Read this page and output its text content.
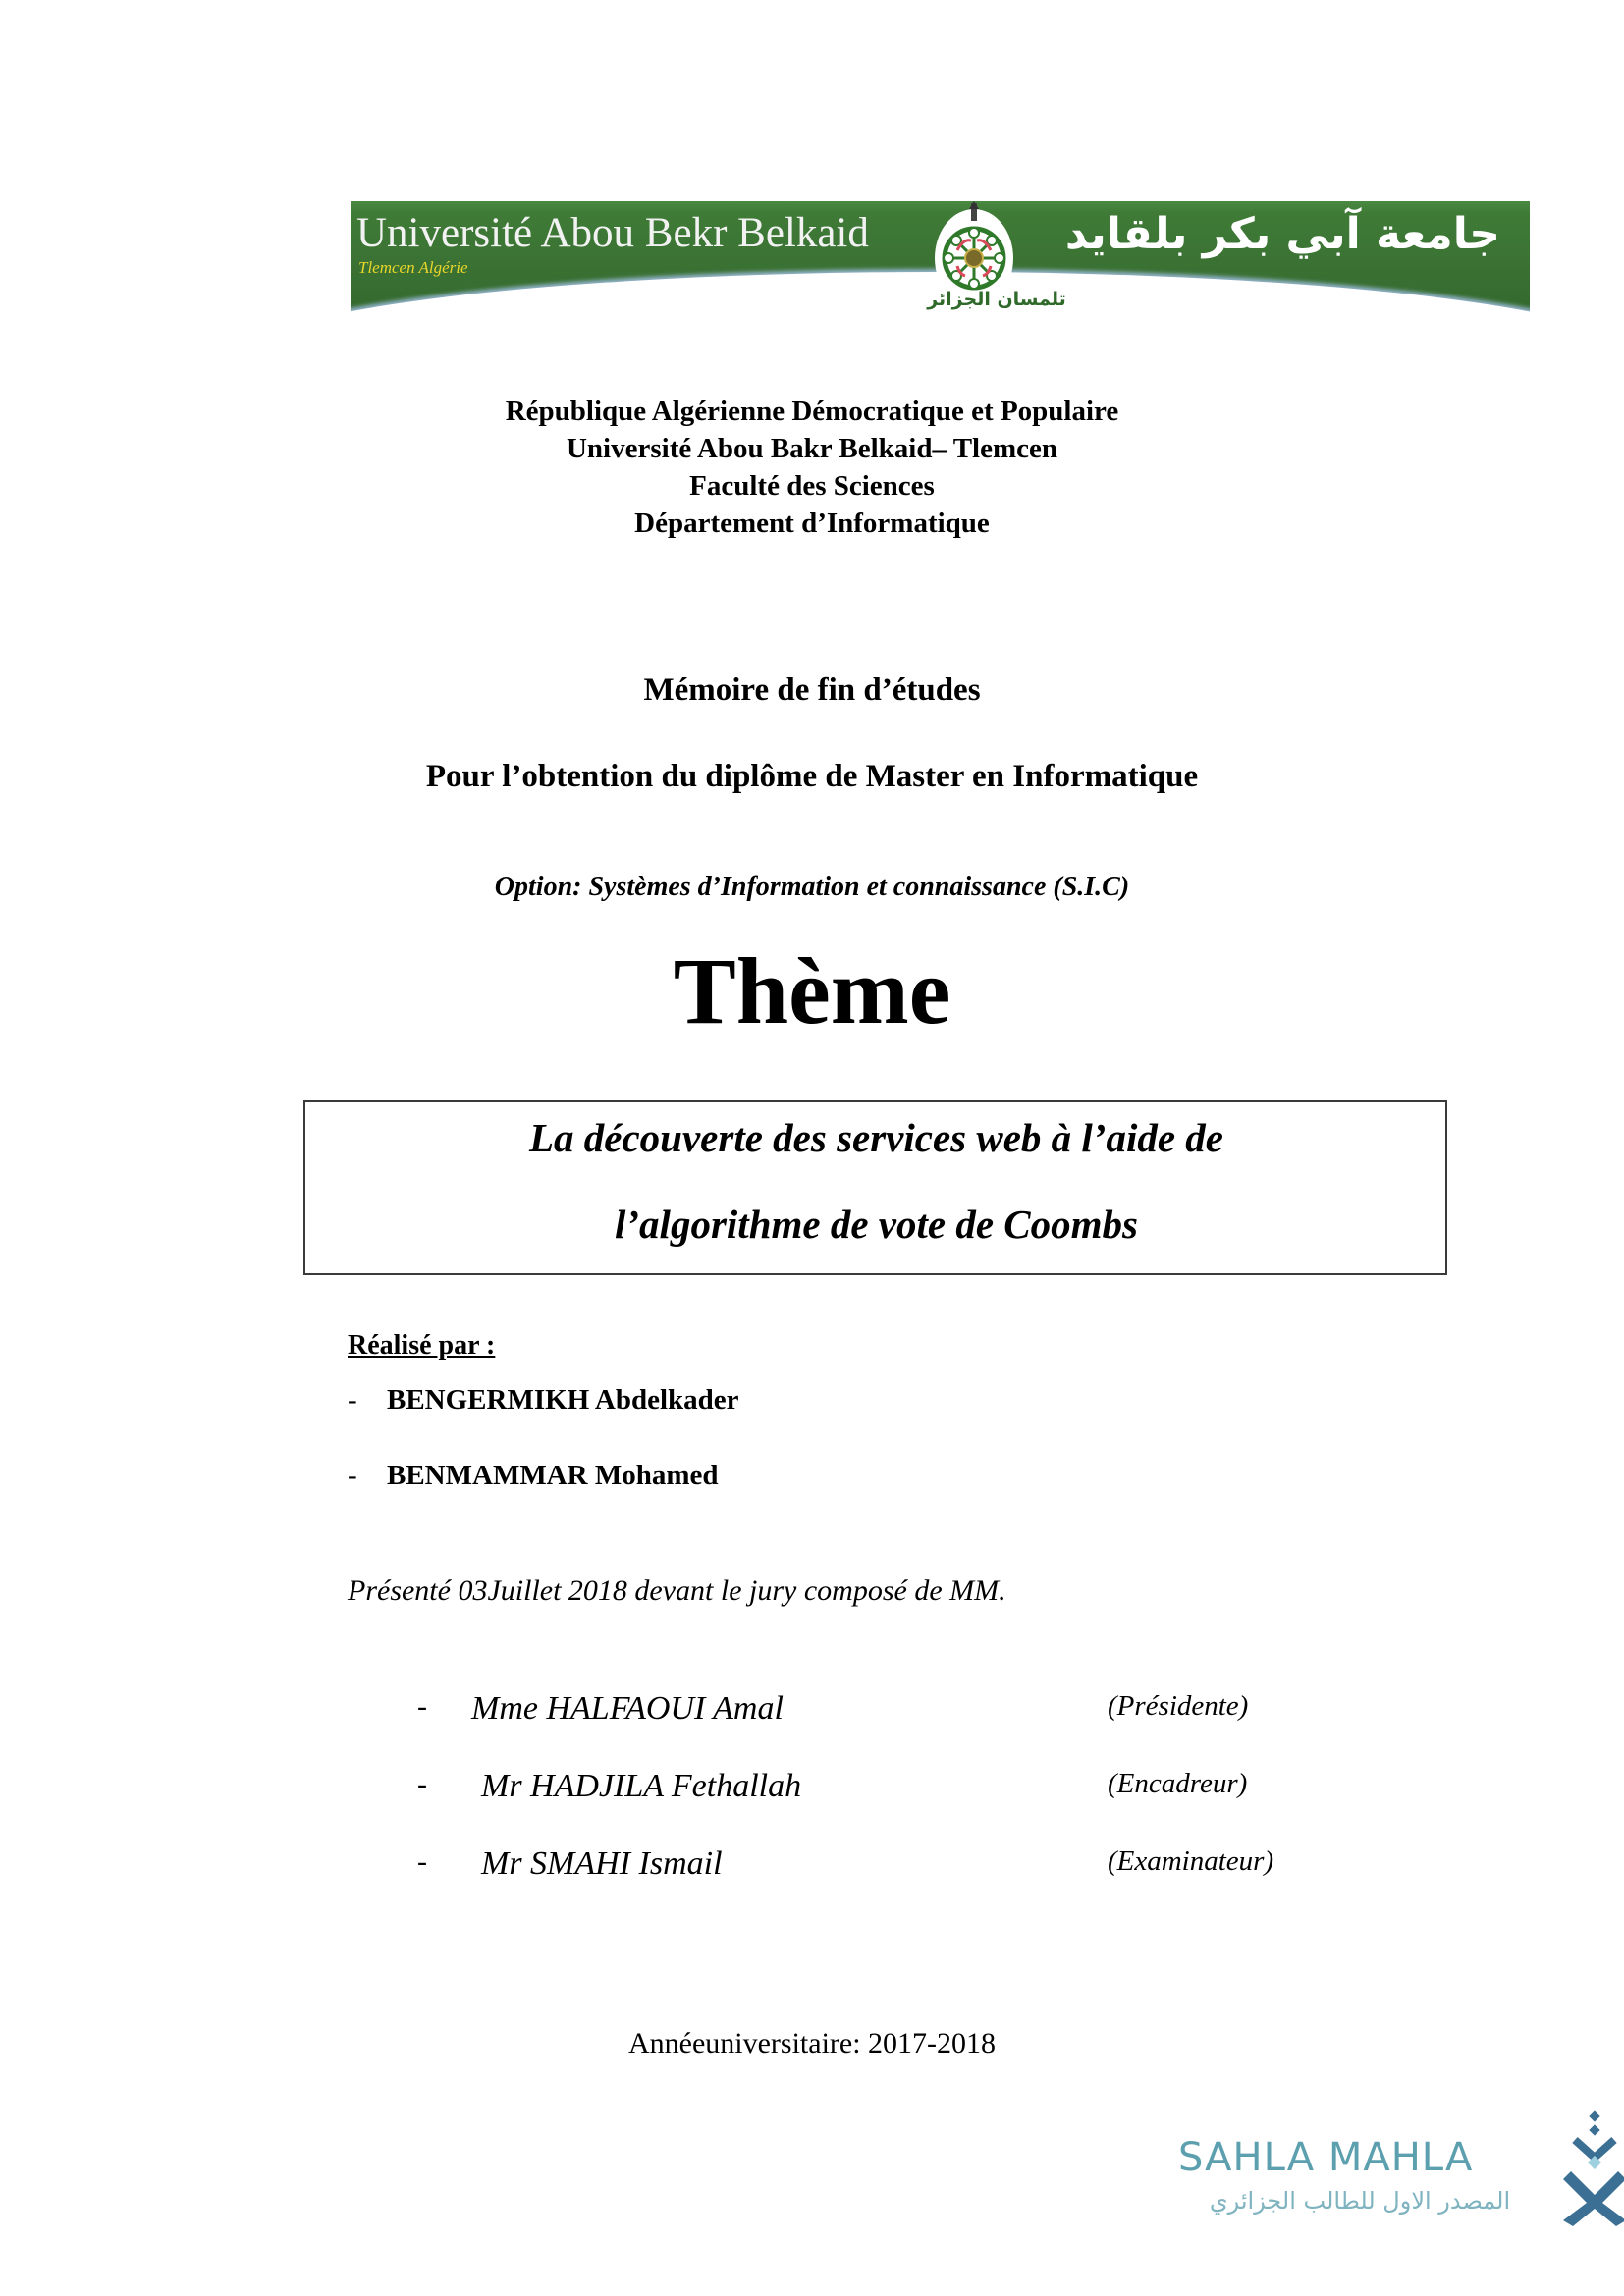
Université Abou Bekr Belkaid
Tlemcen Algérie
جامعة آبي بكر بلقايد
تلمسان الجزائر
République Algérienne Démocratique et Populaire
Université Abou Bakr Belkaid– Tlemcen
Faculté des Sciences
Département d’Informatique
Mémoire de fin d’études
Pour l’obtention du diplôme de Master en Informatique
Option: Systèmes d’Information et connaissance (S.I.C)
Thème
La découverte des services web à l’aide de
l’algorithme de vote de Coombs
Réalisé par :
- BENGERMIKH Abdelkader
- BENMAMMAR Mohamed
Présenté 03Juillet 2018 devant le jury composé de MM.
- Mme HALFAOUI Amal	(Présidente)
- Mr HADJILA Fethallah	(Encadreur)
- Mr SMAHI Ismail	(Examinateur)
Annéeuniversitaire: 2017-2018
SAHLA MAHLA
المصدر الاول للطالب الجزائري
